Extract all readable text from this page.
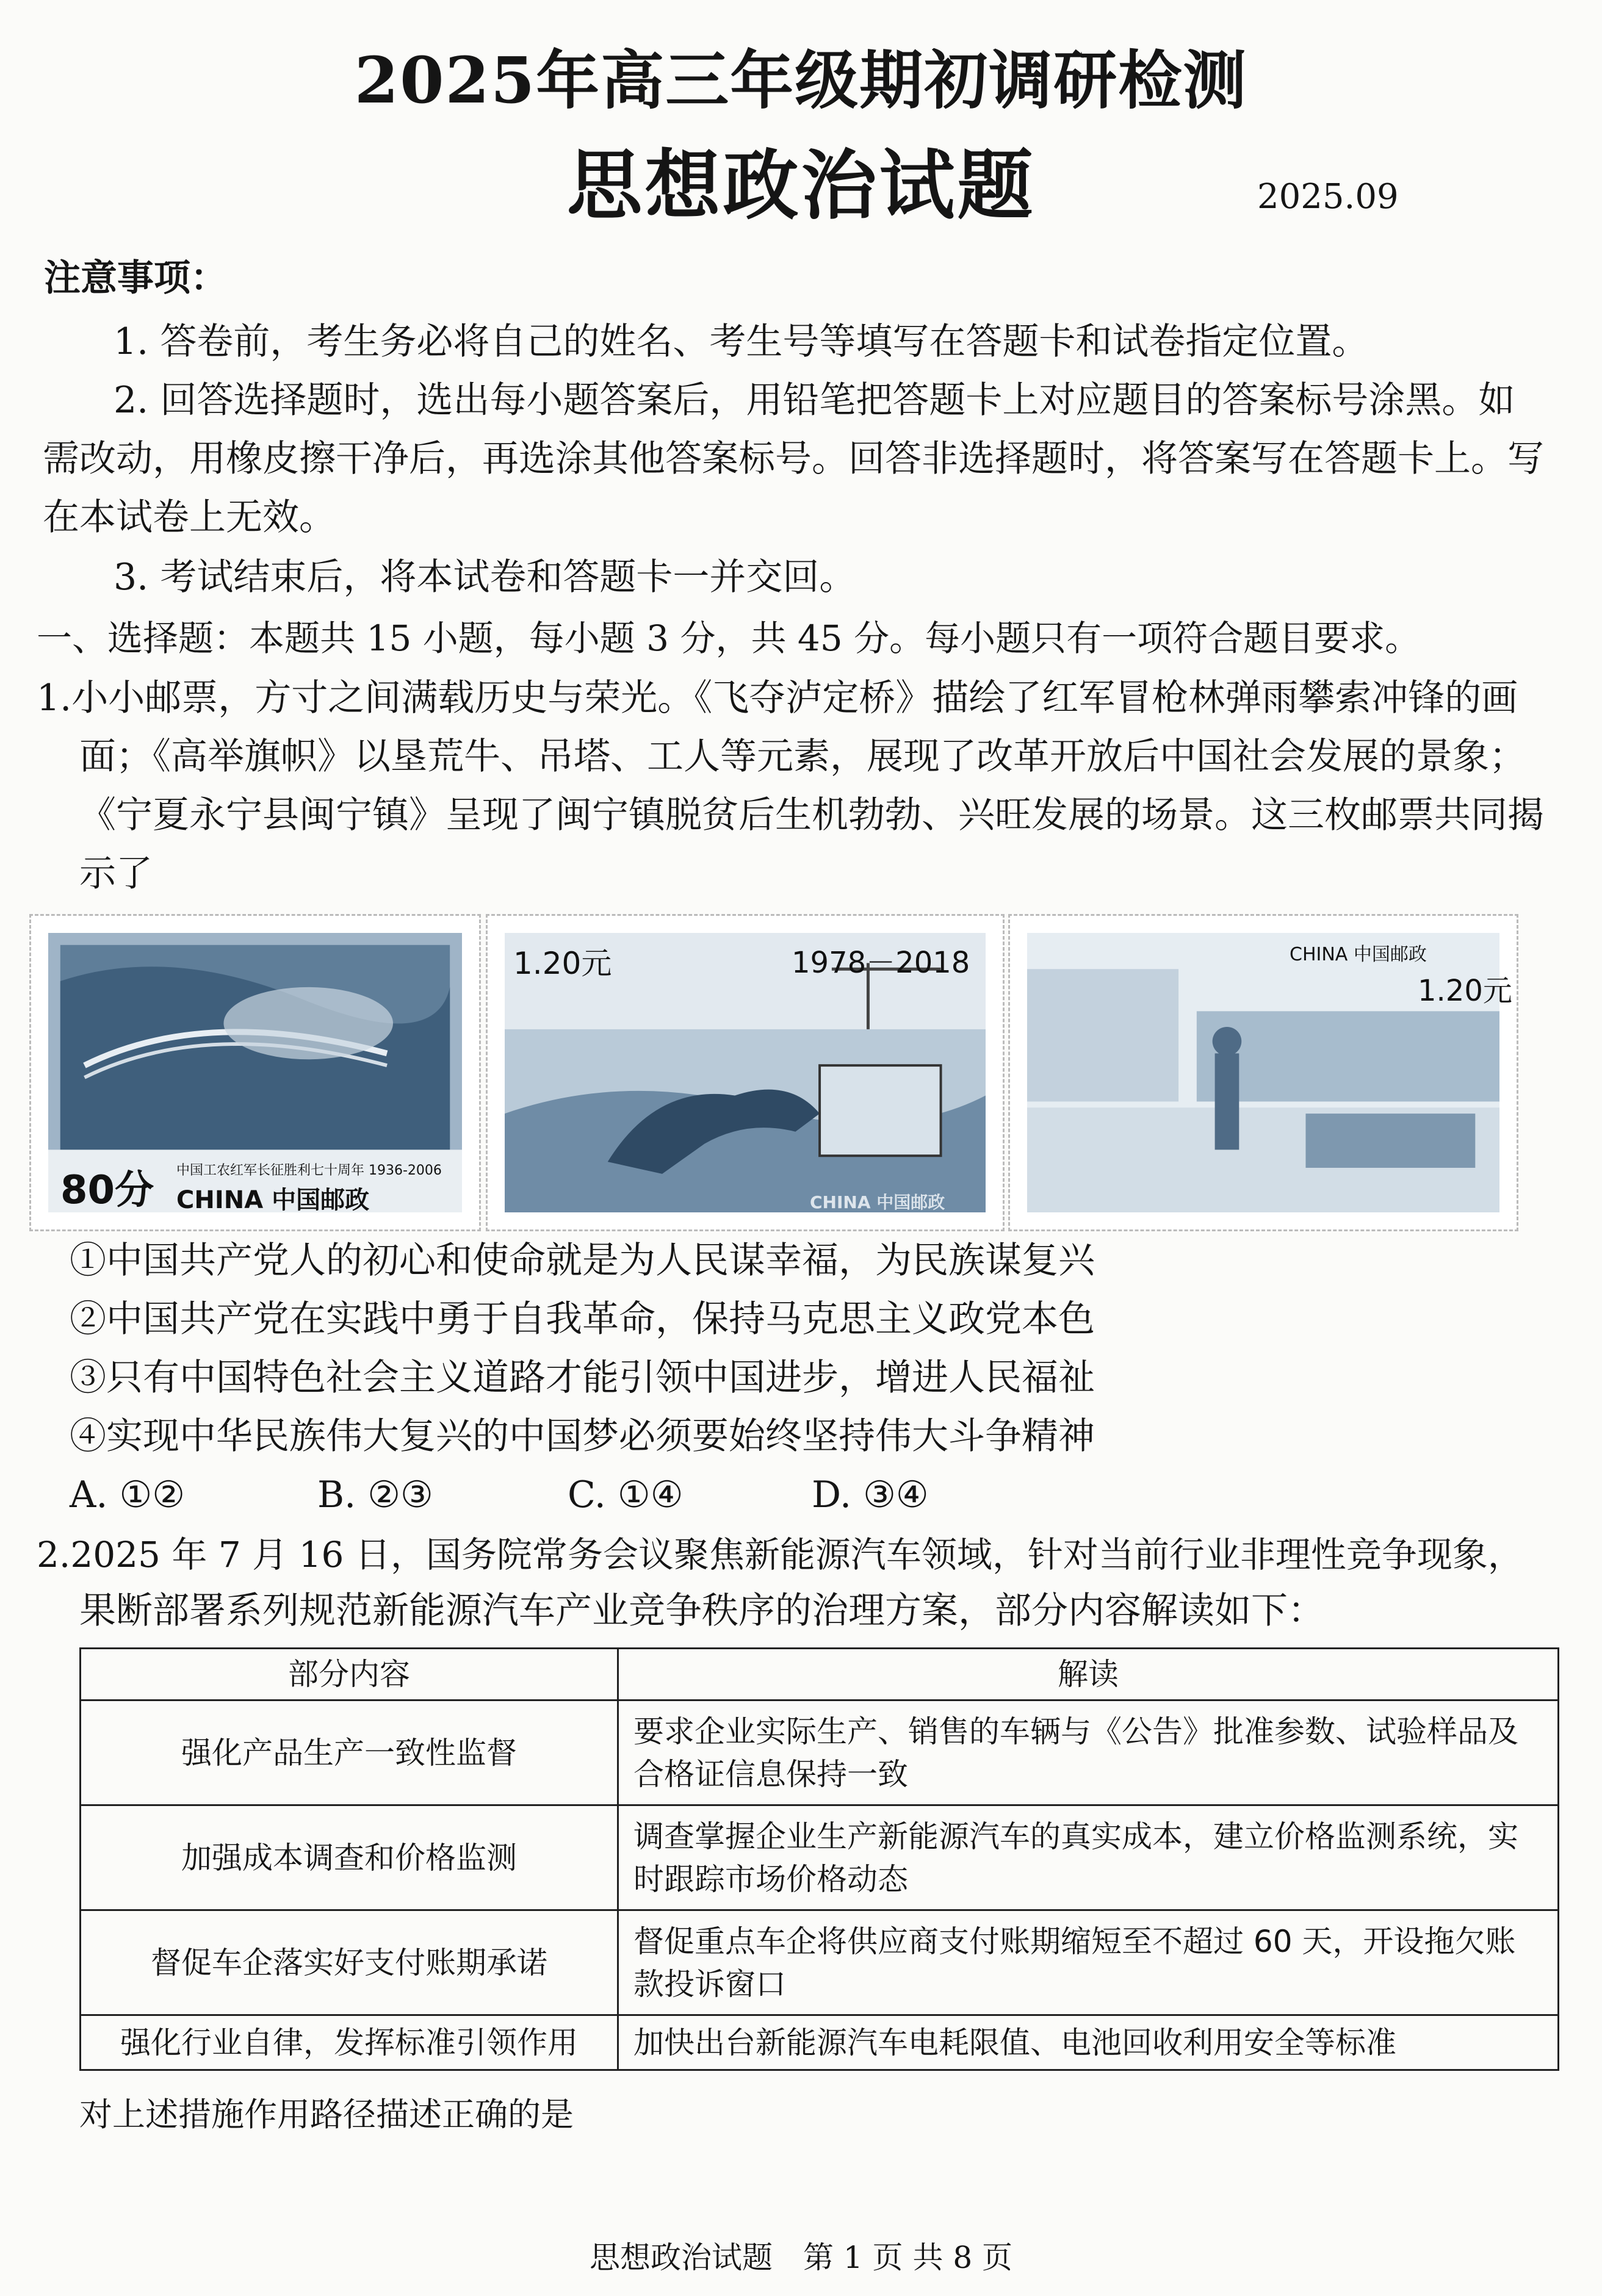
2025年高三年级期初调研检测
思想政治试题	2025.09
注意事项：
1. 答卷前，考生务必将自己的姓名、考生号等填写在答题卡和试卷指定位置。
2. 回答选择题时，选出每小题答案后，用铅笔把答题卡上对应题目的答案标号涂黑。如
需改动，用橡皮擦干净后，再选涂其他答案标号。回答非选择题时，将答案写在答题卡上。写
在本试卷上无效。
3. 考试结束后，将本试卷和答题卡一并交回。
一、选择题：本题共 15 小题，每小题 3 分，共 45 分。每小题只有一项符合题目要求。
1.小小邮票，方寸之间满载历史与荣光。《飞夺泸定桥》描绘了红军冒枪林弹雨攀索冲锋的画
面；《高举旗帜》以垦荒牛、吊塔、工人等元素，展现了改革开放后中国社会发展的景象；
《宁夏永宁县闽宁镇》呈现了闽宁镇脱贫后生机勃勃、兴旺发展的场景。这三枚邮票共同揭
示了
80分 中国工农红军长征胜利七十周年 1936-2006
CHINA 中国邮政
1.20元	1978－2018
CHINA 中国邮政
CHINA 中国邮政
1.20元
①中国共产党人的初心和使命就是为人民谋幸福，为民族谋复兴
②中国共产党在实践中勇于自我革命，保持马克思主义政党本色
③只有中国特色社会主义道路才能引领中国进步，增进人民福祉
④实现中华民族伟大复兴的中国梦必须要始终坚持伟大斗争精神
A. ①②	B. ②③	C. ①④	D. ③④
2.2025 年 7 月 16 日，国务院常务会议聚焦新能源汽车领域，针对当前行业非理性竞争现象，
果断部署系列规范新能源汽车产业竞争秩序的治理方案，部分内容解读如下：
部分内容	解读
强化产品生产一致性监督	要求企业实际生产、销售的车辆与《公告》批准参数、试验样品及合格证信息保持一致
加强成本调查和价格监测	调查掌握企业生产新能源汽车的真实成本，建立价格监测系统，实时跟踪市场价格动态
督促车企落实好支付账期承诺	督促重点车企将供应商支付账期缩短至不超过 60 天，开设拖欠账款投诉窗口
强化行业自律，发挥标准引领作用	加快出台新能源汽车电耗限值、电池回收利用安全等标准
对上述措施作用路径描述正确的是
思想政治试题　第 1 页 共 8 页
